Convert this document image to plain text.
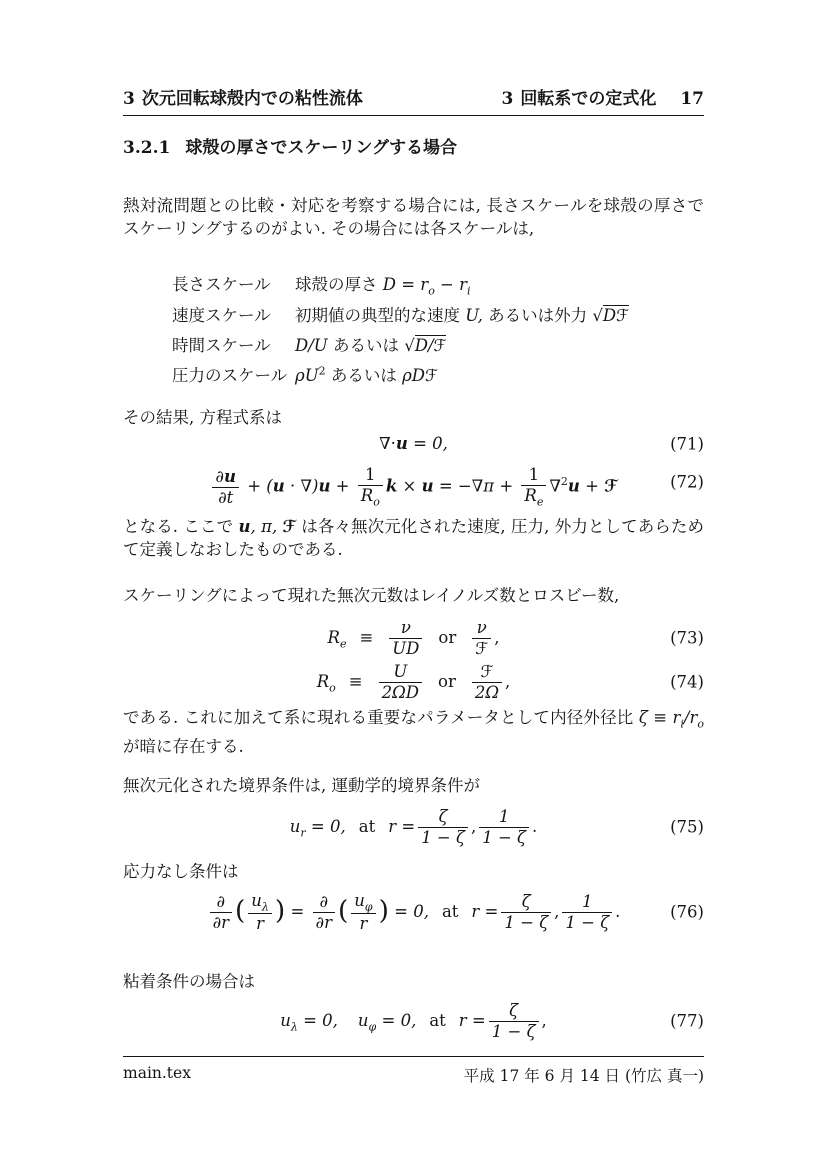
3 次元回転球殻内での粘性流体	3 回転系での定式化 17
3.2.1 球殻の厚さでスケーリングする場合

熱対流問題との比較・対応を考察する場合には, 長さスケールを球殻の厚さでスケーリングするのがよい. その場合には各スケールは,

長さスケール	球殻の厚さ $D = r_o - r_i$
速度スケール	初期値の典型的な速度 U, あるいは外力 √Dℱ
時間スケール	D/U あるいは √D/ℱ
圧力のスケール $\rho U^2$ あるいは ρDℱ

その結果, 方程式系は

∇·u = 0,	(71)
$\frac{\partial u}{\partial t} + (u \cdot \nabla)u + \frac{1}{R_o}$ $k \times u = -\nabla\pi + \frac{1}{R_e} \nabla^2u$ + ℱ	(72)

となる. ここで u, π, ℱ は各々無次元化された速度, 圧力, 外力としてあらためて定義しなおしたものである.

スケーリングによって現れた無次元数はレイノルズ数とロスビー数,

$R_e \equiv \frac{\nu}{UD}$ or $\frac{\nu}{\text{ℱ}}$ ,	(73)
$R_o \equiv \frac{U}{2\Omega D}$ or $\frac{\text{ℱ}}{2\Omega}$ ,	(74)

である. これに加えて系に現れる重要なパラメータとして内径外径比 $\zeta \equiv r_i/r_o$ が暗に存在する.

無次元化された境界条件は, 運動学的境界条件が

$u_r = 0$, at $r = \frac{\zeta}{1 - \zeta}$ , $\frac{1}{1 - \zeta}$ .	(75)

応力なし条件は

$\frac{\partial}{\partial r}$ ( $\frac{u_\lambda}{r}$ ) = $\frac{\partial}{\partial r}$ ( $\frac{u_\varphi}{r}$ ) = 0, at $r = \frac{\zeta}{1 - \zeta}$ , $\frac{1}{1 - \zeta}$ .	(76)

粘着条件の場合は

$u_\lambda = 0$, $u_\varphi = 0$, at $r = \frac{\zeta}{1 - \zeta}$ ,	(77)
main.tex	平成 17 年 6 月 14 日 (竹広 真一)
